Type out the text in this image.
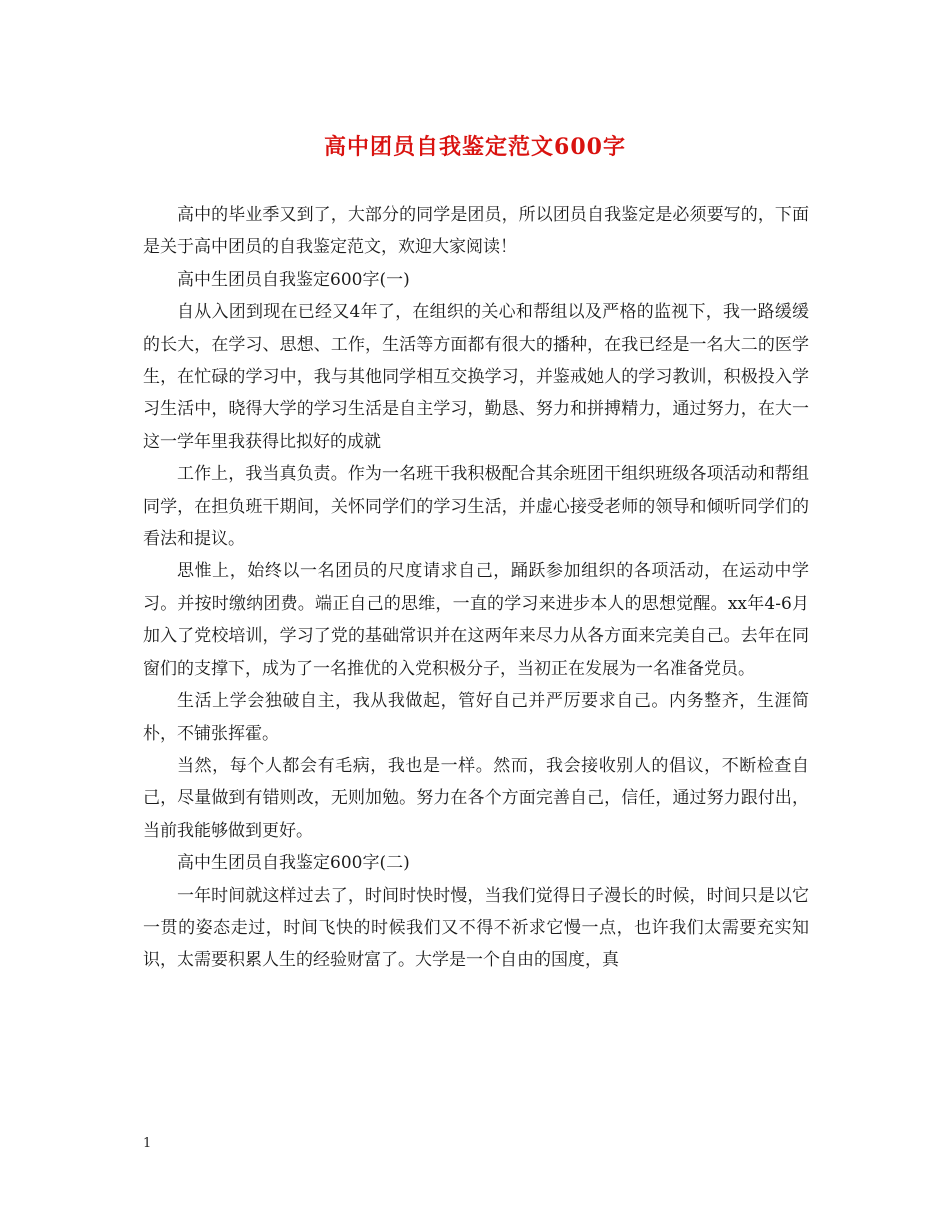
高中团员自我鉴定范文600字

高中的毕业季又到了，大部分的同学是团员，所以团员自我鉴定是必须要写的，下面是关于高中团员的自我鉴定范文，欢迎大家阅读！

高中生团员自我鉴定600字(一)

自从入团到现在已经又4年了，在组织的关心和帮组以及严格的监视下，我一路缓缓的长大，在学习、思想、工作，生活等方面都有很大的播种，在我已经是一名大二的医学生，在忙碌的学习中，我与其他同学相互交换学习，并鉴戒她人的学习教训，积极投入学习生活中，晓得大学的学习生活是自主学习，勤恳、努力和拼搏精力，通过努力，在大一这一学年里我获得比拟好的成就

工作上，我当真负责。作为一名班干我积极配合其余班团干组织班级各项活动和帮组同学，在担负班干期间，关怀同学们的学习生活，并虚心接受老师的领导和倾听同学们的看法和提议。

思惟上，始终以一名团员的尺度请求自己，踊跃参加组织的各项活动，在运动中学习。并按时缴纳团费。端正自己的思维，一直的学习来进步本人的思想觉醒。xx年4-6月加入了党校培训，学习了党的基础常识并在这两年来尽力从各方面来完美自己。去年在同窗们的支撑下，成为了一名推优的入党积极分子，当初正在发展为一名准备党员。

生活上学会独破自主，我从我做起，管好自己并严厉要求自己。内务整齐，生涯简朴，不铺张挥霍。

当然，每个人都会有毛病，我也是一样。然而，我会接收别人的倡议，不断检查自己，尽量做到有错则改，无则加勉。努力在各个方面完善自己，信任，通过努力跟付出，当前我能够做到更好。

高中生团员自我鉴定600字(二)

一年时间就这样过去了，时间时快时慢，当我们觉得日子漫长的时候，时间只是以它一贯的姿态走过，时间飞快的时候我们又不得不祈求它慢一点，也许我们太需要充实知识，太需要积累人生的经验财富了。大学是一个自由的国度，真

1
